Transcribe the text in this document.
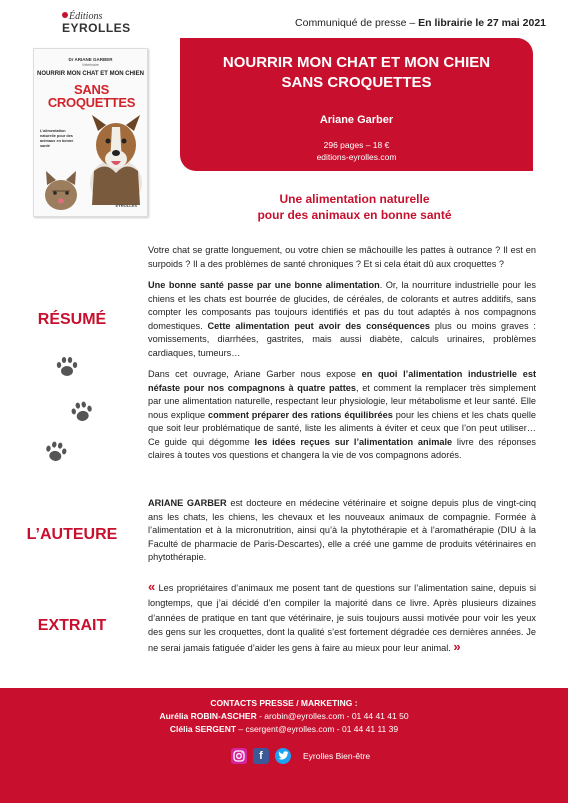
Éditions
EYROLLES	Communiqué de presse – En librairie le 27 mai 2021
Dr ARIANE GARBER
Vétérinaire
NOURRIR MON CHAT ET MON CHIEN
SANS CROQUETTES
L'alimentation naturelle pour des animaux en bonne santé
EYROLLES
NOURRIR MON CHAT ET MON CHIEN
SANS CROQUETTES
Ariane Garber
296 pages – 18 €
editions-eyrolles.com
Une alimentation naturelle
pour des animaux en bonne santé
RÉSUMÉ
L’AUTEURE
EXTRAIT

Votre chat se gratte longuement, ou votre chien se mâchouille les pattes à outrance ? Il est en surpoids ? Il a des problèmes de santé chroniques ? Et si cela était dû aux croquettes ?

Une bonne santé passe par une bonne alimentation. Or, la nourriture industrielle pour les chiens et les chats est bourrée de glucides, de céréales, de colorants et autres additifs, sans compter les composants pas toujours identifiés et pas du tout adaptés à nos compagnons domestiques. Cette alimentation peut avoir des conséquences plus ou moins graves : vomissements, diarrhées, gastrites, mais aussi diabète, calculs urinaires, problèmes cardiaques, tumeurs…

Dans cet ouvrage, Ariane Garber nous expose en quoi l’alimentation industrielle est néfaste pour nos compagnons à quatre pattes, et comment la remplacer très simplement par une alimentation naturelle, respectant leur physiologie, leur métabolisme et leur santé. Elle nous explique comment préparer des rations équilibrées pour les chiens et les chats quelle que soit leur problématique de santé, liste les aliments à éviter et ceux que l’on peut utiliser… Ce guide qui dégomme les idées reçues sur l’alimentation animale livre des réponses claires à toutes vos questions et changera la vie de vos compagnons adorés.

ARIANE GARBER est docteure en médecine vétérinaire et soigne depuis plus de vingt-cinq ans les chats, les chiens, les chevaux et les nouveaux animaux de compagnie. Formée à l’alimentation et à la micronutrition, ainsi qu’à la phytothérapie et à l’aromathérapie (DIU à la Faculté de pharmacie de Paris-Descartes), elle a créé une gamme de produits vétérinaires en phytothérapie.

« Les propriétaires d’animaux me posent tant de questions sur l’alimentation saine, depuis si longtemps, que j’ai décidé d’en compiler la majorité dans ce livre. Après plusieurs dizaines d’années de pratique en tant que vétérinaire, je suis toujours aussi motivée pour voir les yeux des gens sur les croquettes, dont la qualité s’est fortement dégradée ces dernières années. Je ne serai jamais fatiguée d’aider les gens à faire au mieux pour leur animal. »

CONTACTS PRESSE / MARKETING :
Aurélia ROBIN-ASCHER - arobin@eyrolles.com - 01 44 41 41 50
Clélia SERGENT – csergent@eyrolles.com - 01 44 41 11 39
f	Eyrolles Bien-être
